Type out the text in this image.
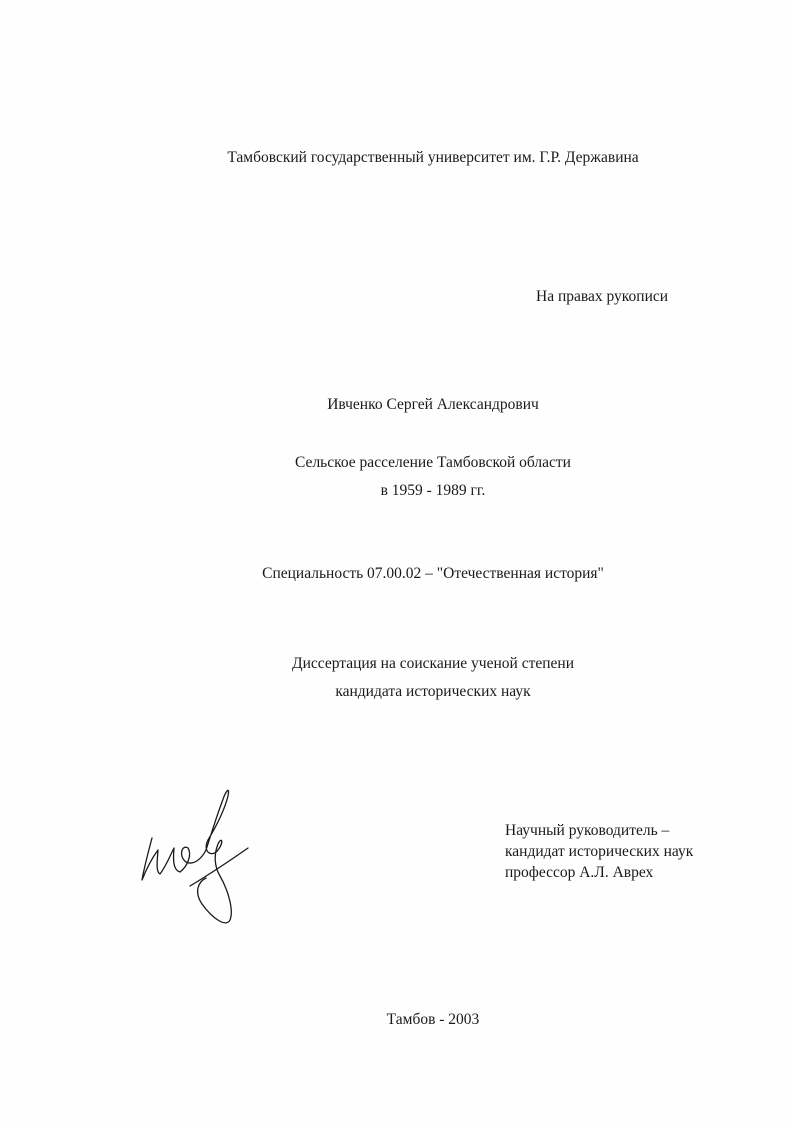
Тамбовский государственный университет им. Г.Р. Державина
На правах рукописи
Ивченко Сергей Александрович
Сельское расселение Тамбовской области
в 1959 - 1989 гг.
Специальность 07.00.02 – "Отечественная история"
Диссертация на соискание ученой степени
кандидата исторических наук
Научный руководитель –
кандидат исторических наук
профессор А.Л. Аврех
Тамбов - 2003
